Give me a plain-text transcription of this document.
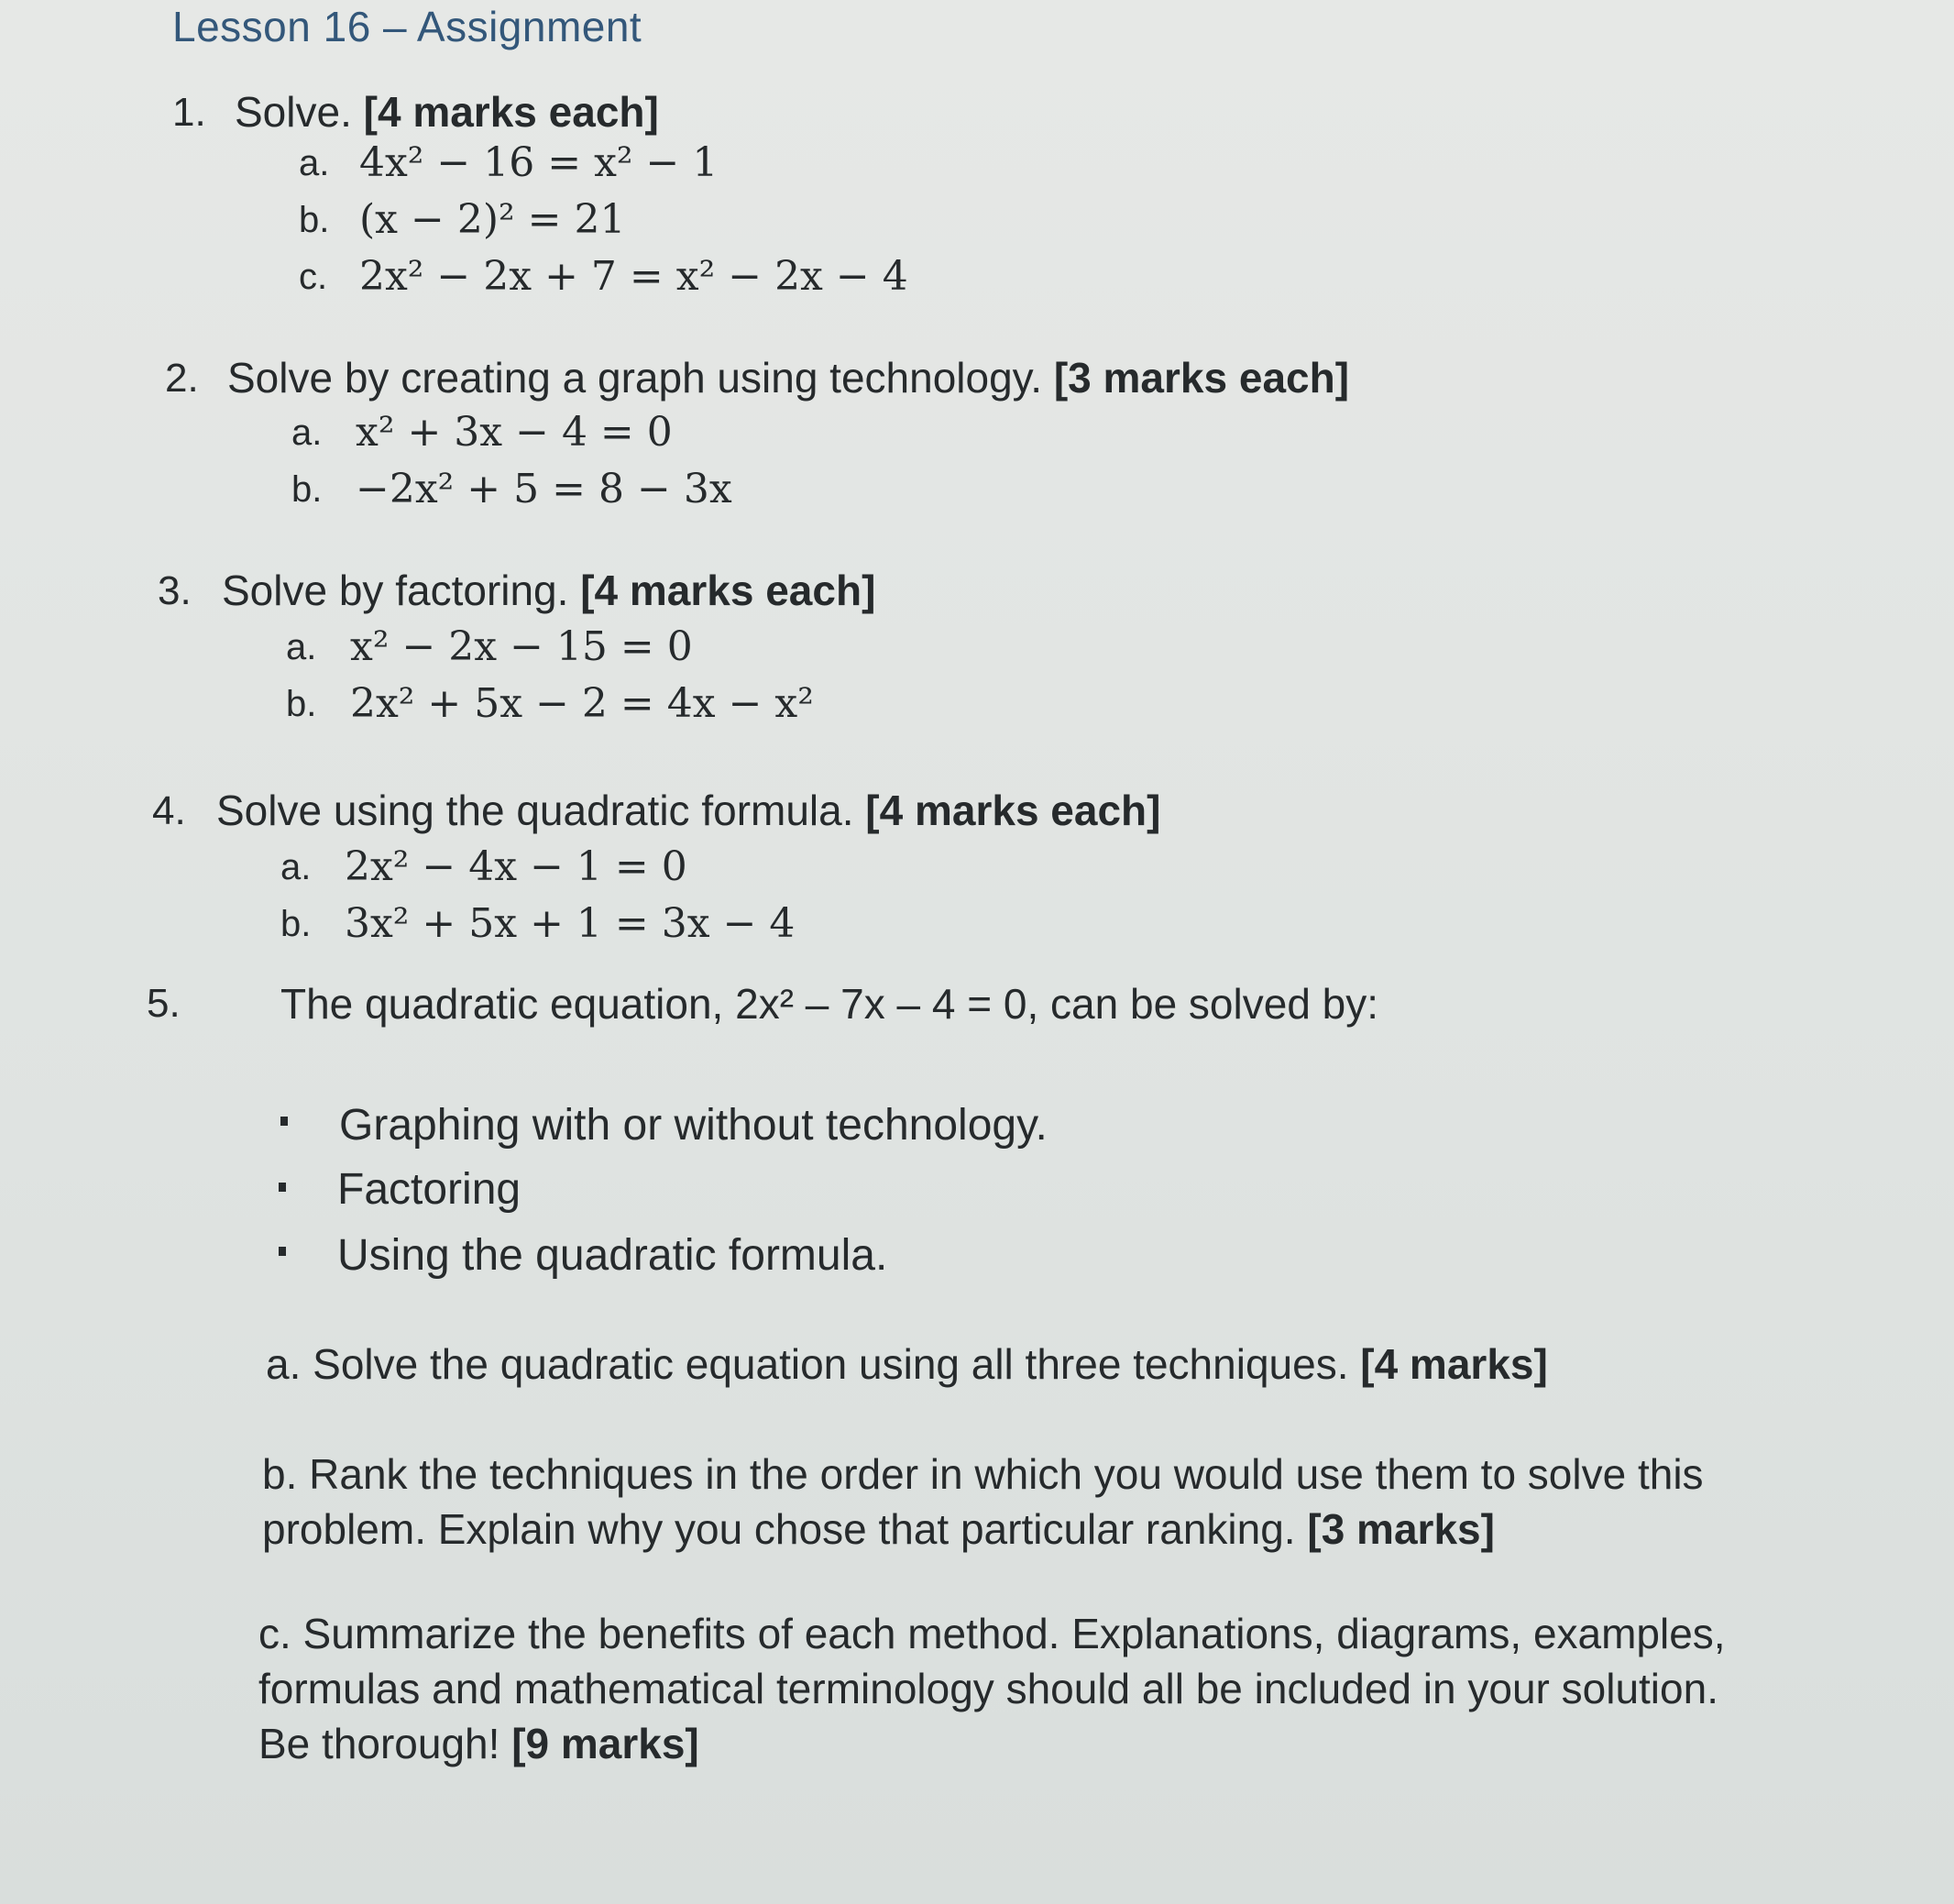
Lesson 16 – Assignment
1. Solve. [4 marks each]
a. 4x² − 16 = x² − 1
b. (x − 2)² = 21
c. 2x² − 2x + 7 = x² − 2x − 4
2. Solve by creating a graph using technology. [3 marks each]
a. x² + 3x − 4 = 0
b. −2x² + 5 = 8 − 3x
3. Solve by factoring. [4 marks each]
a. x² − 2x − 15 = 0
b. 2x² + 5x − 2 = 4x − x²
4. Solve using the quadratic formula. [4 marks each]
a. 2x² − 4x − 1 = 0
b. 3x² + 5x + 1 = 3x − 4
5. The quadratic equation, 2x² – 7x – 4 = 0, can be solved by:
Graphing with or without technology.
Factoring
Using the quadratic formula.
a. Solve the quadratic equation using all three techniques. [4 marks]
b. Rank the techniques in the order in which you would use them to solve this
problem. Explain why you chose that particular ranking. [3 marks]
c. Summarize the benefits of each method. Explanations, diagrams, examples,
formulas and mathematical terminology should all be included in your solution.
Be thorough! [9 marks]
